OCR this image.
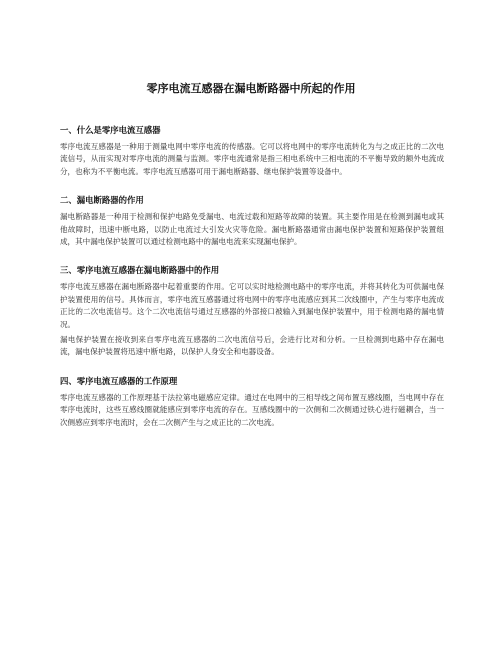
零序电流互感器在漏电断路器中所起的作用
一、什么是零序电流互感器

零序电流互感器是一种用于测量电网中零序电流的传感器。它可以将电网中的零序电流转化为与之成正比的二次电流信号，从而实现对零序电流的测量与监测。零序电流通常是指三相电系统中三相电流的不平衡导致的额外电流成分，也称为不平衡电流。零序电流互感器可用于漏电断路器、继电保护装置等设备中。

二、漏电断路器的作用

漏电断路器是一种用于检测和保护电路免受漏电、电流过载和短路等故障的装置。其主要作用是在检测到漏电或其他故障时，迅速中断电路，以防止电流过大引发火灾等危险。漏电断路器通常由漏电保护装置和短路保护装置组成，其中漏电保护装置可以通过检测电路中的漏电电流来实现漏电保护。

三、零序电流互感器在漏电断路器中的作用

零序电流互感器在漏电断路器中起着重要的作用。它可以实时地检测电路中的零序电流，并将其转化为可供漏电保护装置使用的信号。具体而言，零序电流互感器通过将电网中的零序电流感应到其二次线圈中，产生与零序电流成正比的二次电流信号。这个二次电流信号通过互感器的外部接口被输入到漏电保护装置中，用于检测电路的漏电情况。

漏电保护装置在接收到来自零序电流互感器的二次电流信号后，会进行比对和分析。一旦检测到电路中存在漏电流，漏电保护装置将迅速中断电路，以保护人身安全和电器设备。

四、零序电流互感器的工作原理

零序电流互感器的工作原理基于法拉第电磁感应定律。通过在电网中的三相导线之间布置互感线圈，当电网中存在零序电流时，这些互感线圈就能感应到零序电流的存在。互感线圈中的一次侧和二次侧通过铁心进行磁耦合，当一次侧感应到零序电流时，会在二次侧产生与之成正比的二次电流。
